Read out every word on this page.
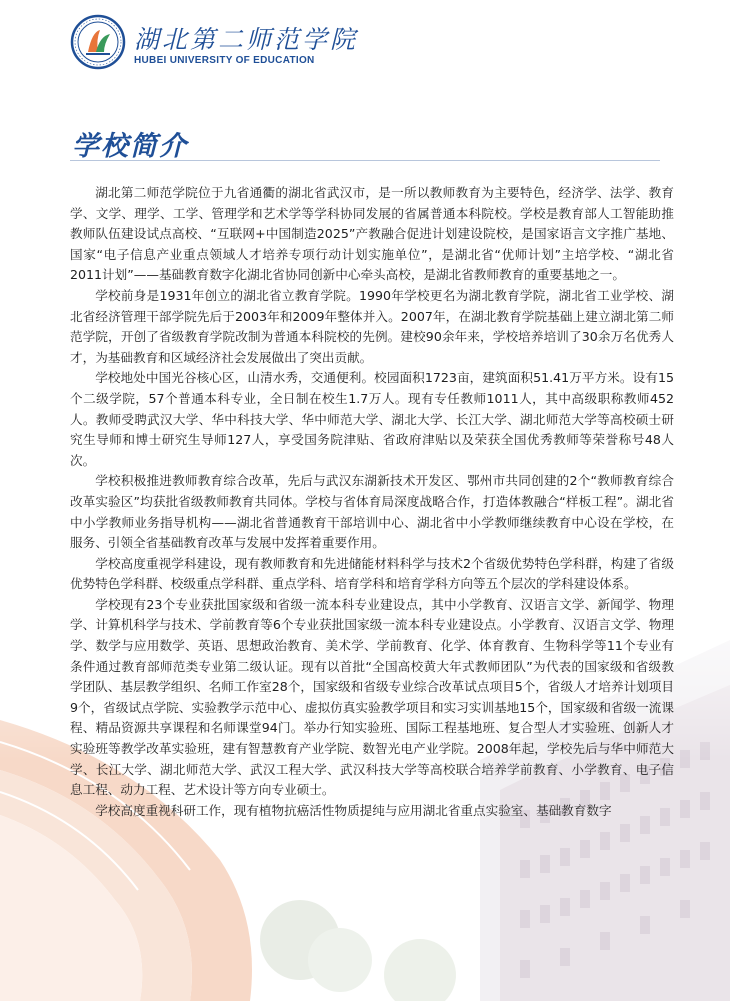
湖北第二师范学院
HUBEI UNIVERSITY OF EDUCATION
学校简介

湖北第二师范学院位于九省通衢的湖北省武汉市，是一所以教师教育为主要特色，经济学、法学、教育学、文学、理学、工学、管理学和艺术学等学科协同发展的省属普通本科院校。学校是教育部人工智能助推教师队伍建设试点高校、“互联网+中国制造2025”产教融合促进计划建设院校，是国家语言文字推广基地、国家“电子信息产业重点领域人才培养专项行动计划实施单位”，是湖北省“优师计划”主培学校、“湖北省2011计划”——基础教育数字化湖北省协同创新中心牵头高校，是湖北省教师教育的重要基地之一。

学校前身是1931年创立的湖北省立教育学院。1990年学校更名为湖北教育学院，湖北省工业学校、湖北省经济管理干部学院先后于2003年和2009年整体并入。2007年，在湖北教育学院基础上建立湖北第二师范学院，开创了省级教育学院改制为普通本科院校的先例。建校90余年来，学校培养培训了30余万名优秀人才，为基础教育和区域经济社会发展做出了突出贡献。

学校地处中国光谷核心区，山清水秀，交通便利。校园面积1723亩，建筑面积51.41万平方米。设有15个二级学院，57个普通本科专业，全日制在校生1.7万人。现有专任教师1011人，其中高级职称教师452人。教师受聘武汉大学、华中科技大学、华中师范大学、湖北大学、长江大学、湖北师范大学等高校硕士研究生导师和博士研究生导师127人，享受国务院津贴、省政府津贴以及荣获全国优秀教师等荣誉称号48人次。

学校积极推进教师教育综合改革，先后与武汉东湖新技术开发区、鄂州市共同创建的2个“教师教育综合改革实验区”均获批省级教师教育共同体。学校与省体育局深度战略合作，打造体教融合“样板工程”。湖北省中小学教师业务指导机构——湖北省普通教育干部培训中心、湖北省中小学教师继续教育中心设在学校，在服务、引领全省基础教育改革与发展中发挥着重要作用。

学校高度重视学科建设，现有教师教育和先进储能材料科学与技术2个省级优势特色学科群，构建了省级优势特色学科群、校级重点学科群、重点学科、培育学科和培育学科方向等五个层次的学科建设体系。

学校现有23个专业获批国家级和省级一流本科专业建设点，其中小学教育、汉语言文学、新闻学、物理学、计算机科学与技术、学前教育等6个专业获批国家级一流本科专业建设点。小学教育、汉语言文学、物理学、数学与应用数学、英语、思想政治教育、美术学、学前教育、化学、体育教育、生物科学等11个专业有条件通过教育部师范类专业第二级认证。现有以首批“全国高校黄大年式教师团队”为代表的国家级和省级教学团队、基层教学组织、名师工作室28个，国家级和省级专业综合改革试点项目5个，省级人才培养计划项目9个，省级试点学院、实验教学示范中心、虚拟仿真实验教学项目和实习实训基地15个，国家级和省级一流课程、精品资源共享课程和名师课堂94门。举办行知实验班、国际工程基地班、复合型人才实验班、创新人才实验班等教学改革实验班，建有智慧教育产业学院、数智光电产业学院。2008年起，学校先后与华中师范大学、长江大学、湖北师范大学、武汉工程大学、武汉科技大学等高校联合培养学前教育、小学教育、电子信息工程、动力工程、艺术设计等方向专业硕士。

学校高度重视科研工作，现有植物抗癌活性物质提纯与应用湖北省重点实验室、基础教育数字
